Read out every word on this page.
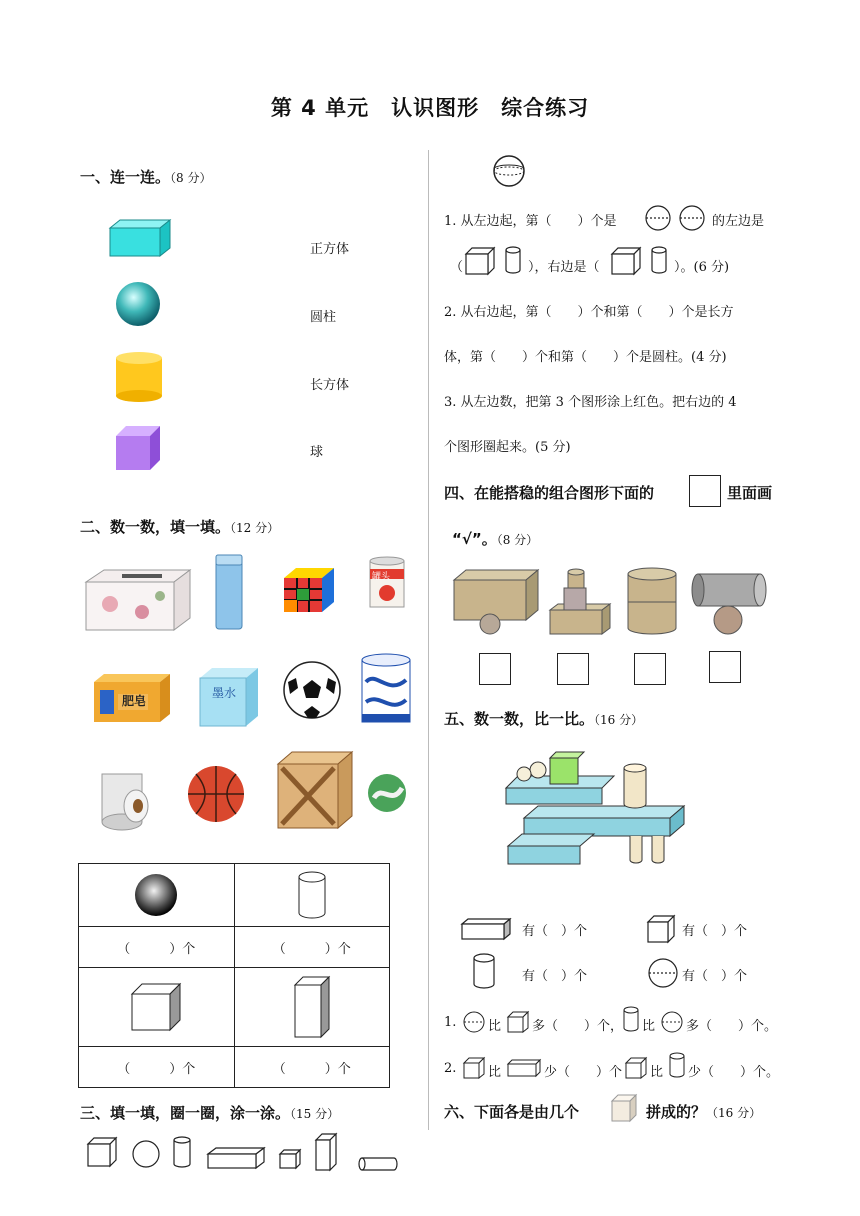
第 4 单元　认识图形　综合练习
一、连一连。（8 分）
正方体
圆柱
长方体
球
二、数一数，填一填。（12 分）
罐头
肥皂
墨水

（　　　）个	（　　　）个

（　　　）个	（　　　）个
三、填一填，圈一圈，涂一涂。（15 分）
1. 从左边起，第（　　）个是	的左边是
（	），右边是（	）。(6 分)
2. 从右边起，第（　　）个和第（　　）个是长方
体，第（　　）个和第（　　）个是圆柱。(4 分)
3. 从左边数，把第 3 个图形涂上红色。把右边的 4
个图形圈起来。(5 分)
四、在能搭稳的组合图形下面的	里面画
“√”。（8 分）
五、数一数，比一比。（16 分）
有（　）个	有（　）个
有（　）个	有（　）个
1. 比 多（　　）个， 比 多（　　）个。
2. 比	少（　　）个 比 少（　　）个。
六、下面各是由几个	拼成的？（16 分）
